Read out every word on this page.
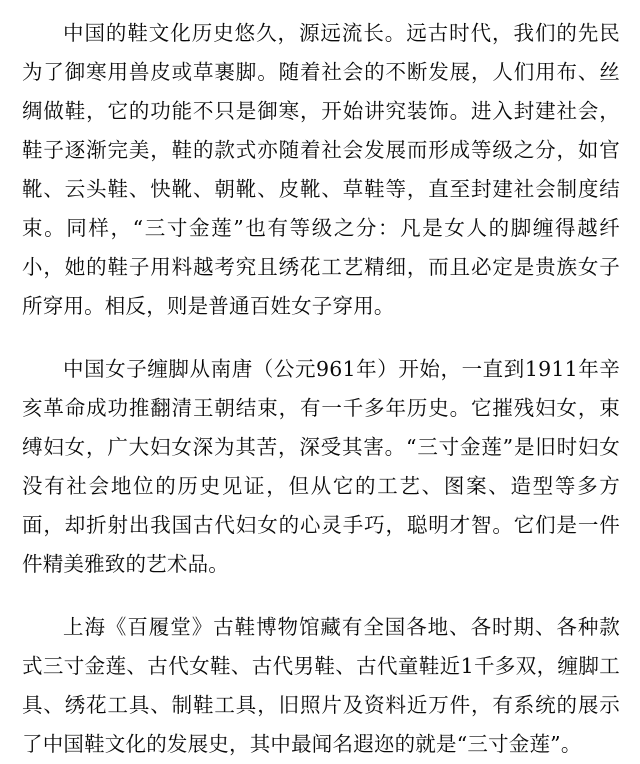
中国的鞋文化历史悠久，源远流长。远古时代，我们的先民为了御寒用兽皮或草裹脚。随着社会的不断发展，人们用布、丝绸做鞋，它的功能不只是御寒，开始讲究装饰。进入封建社会，鞋子逐渐完美，鞋的款式亦随着社会发展而形成等级之分，如官靴、云头鞋、快靴、朝靴、皮靴、草鞋等，直至封建社会制度结束。同样，“三寸金莲”也有等级之分：凡是女人的脚缠得越纤小，她的鞋子用料越考究且绣花工艺精细，而且必定是贵族女子所穿用。相反，则是普通百姓女子穿用。

中国女子缠脚从南唐（公元961年）开始，一直到1911年辛亥革命成功推翻清王朝结束，有一千多年历史。它摧残妇女，束缚妇女，广大妇女深为其苦，深受其害。“三寸金莲”是旧时妇女没有社会地位的历史见证，但从它的工艺、图案、造型等多方面，却折射出我国古代妇女的心灵手巧，聪明才智。它们是一件件精美雅致的艺术品。

上海《百履堂》古鞋博物馆藏有全国各地、各时期、各种款式三寸金莲、古代女鞋、古代男鞋、古代童鞋近1千多双，缠脚工具、绣花工具、制鞋工具，旧照片及资料近万件，有系统的展示了中国鞋文化的发展史，其中最闻名遐迩的就是“三寸金莲”。
